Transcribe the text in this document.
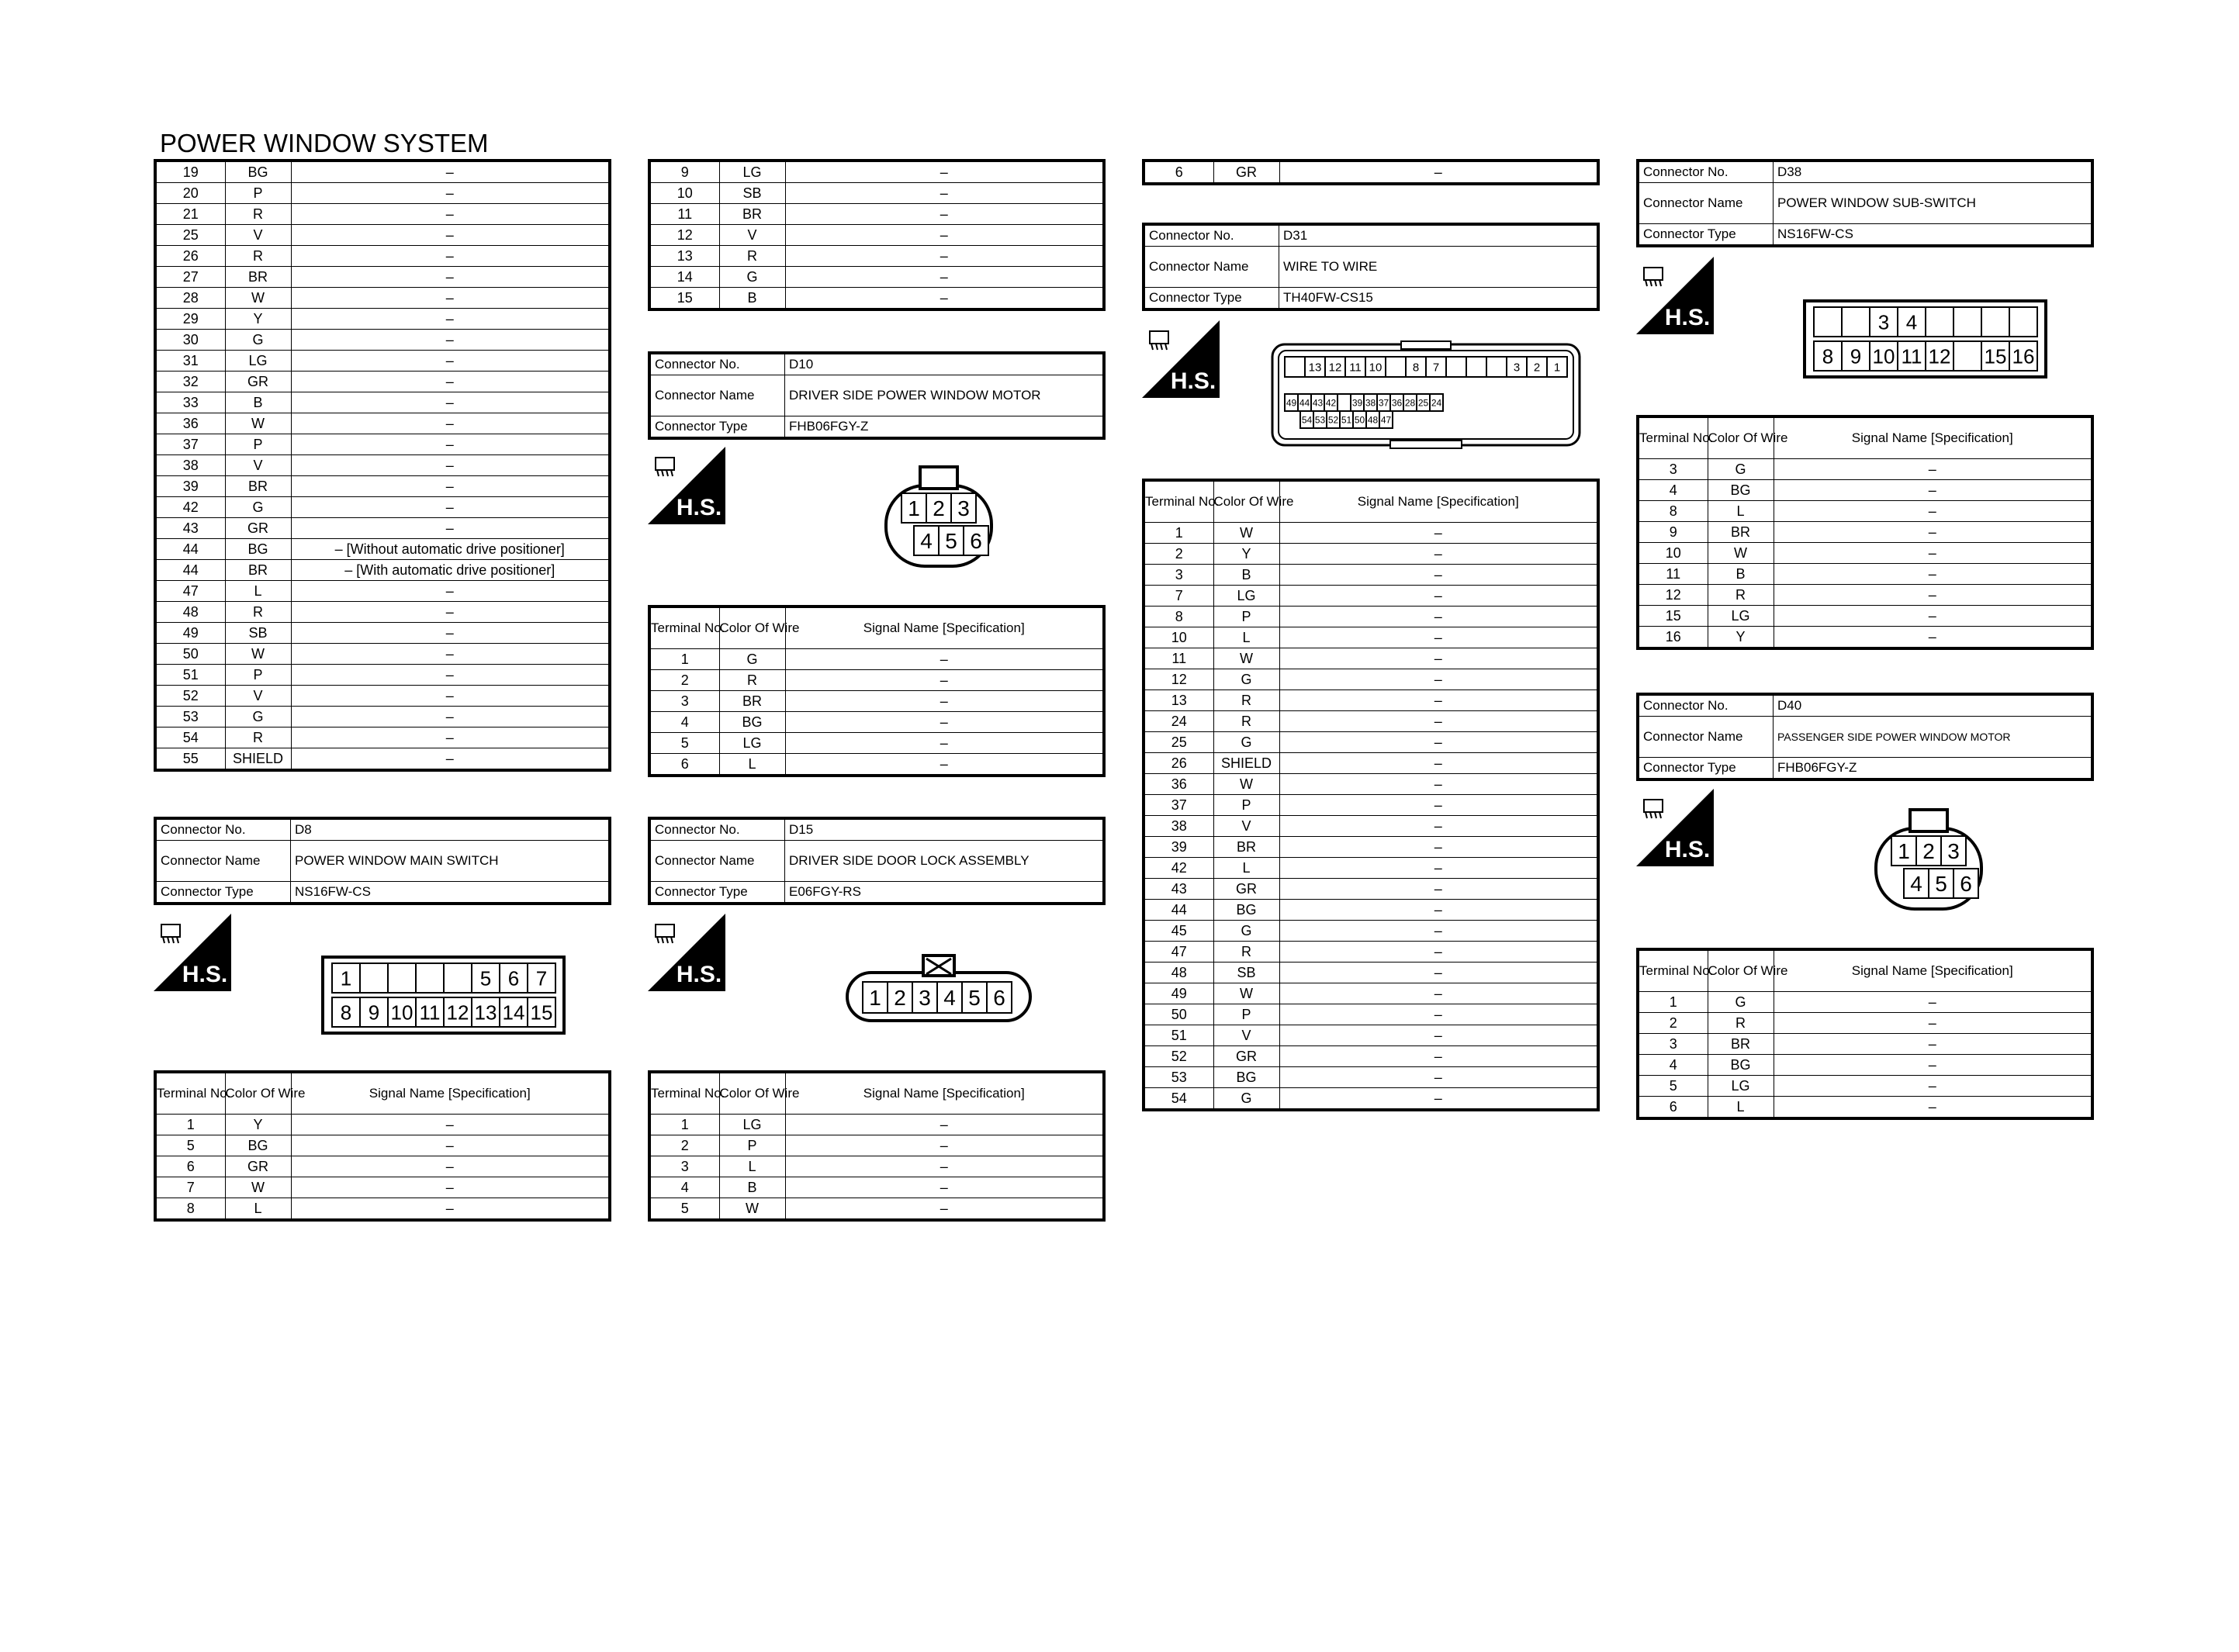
POWER WINDOW SYSTEM
19	BG	–
20	P	–
21	R	–
25	V	–
26	R	–
27	BR	–
28	W	–
29	Y	–
30	G	–
31	LG	–
32	GR	–
33	B	–
36	W	–
37	P	–
38	V	–
39	BR	–
42	G	–
43	GR	–
44	BG	– [Without automatic drive positioner]
44	BR	– [With automatic drive positioner]
47	L	–
48	R	–
49	SB	–
50	W	–
51	P	–
52	V	–
53	G	–
54	R	–
55	SHIELD	–
9	LG	–
10	SB	–
11	BR	–
12	V	–
13	R	–
14	G	–
15	B	–
6	GR	–
Connector No.	D10
Connector Name	DRIVER SIDE POWER WINDOW MOTOR
Connector Type	FHB06FGY-Z
H.S.	1 2 3
4 5 6
Terminal No.	Color Of Wire	Signal Name [Specification]
1	G	–
2	R	–
3	BR	–
4	BG	–
5	LG	–
6	L	–
Connector No.	D8
Connector Name	POWER WINDOW MAIN SWITCH
Connector Type	NS16FW-CS
H.S.	1	5 6 7
8 9 10 11 12 13 14 15
Terminal No.	Color Of Wire	Signal Name [Specification]
1	Y	–
5	BG	–
6	GR	–
7	W	–
8	L	–
Connector No.	D15
Connector Name	DRIVER SIDE DOOR LOCK ASSEMBLY
Connector Type	E06FGY-RS
H.S.
1 2 3 4 5 6
Terminal No.	Color Of Wire	Signal Name [Specification]
1	LG	–
2	P	–
3	L	–
4	B	–
5	W	–
Connector No.	D31
Connector Name	WIRE TO WIRE
Connector Type	TH40FW-CS15
H.S.
13 12 11 10	8 7	3 2 1
49 44 43 42 39 38 37 36 28 25 24
54 53 52 51 50 48 47
Terminal No.	Color Of Wire	Signal Name [Specification]
1	W	–
2	Y	–
3	B	–
7	LG	–
8	P	–
10	L	–
11	W	–
12	G	–
13	R	–
24	R	–
25	G	–
26	SHIELD	–
36	W	–
37	P	–
38	V	–
39	BR	–
42	L	–
43	GR	–
44	BG	–
45	G	–
47	R	–
48	SB	–
49	W	–
50	P	–
51	V	–
52	GR	–
53	BG	–
54	G	–
Connector No.	D38
Connector Name	POWER WINDOW SUB-SWITCH
Connector Type	NS16FW-CS
H.S.	3 4
8 9 10 11 12 15 16
Terminal No.	Color Of Wire	Signal Name [Specification]
3	G	–
4	BG	–
8	L	–
9	BR	–
10	W	–
11	B	–
12	R	–
15	LG	–
16	Y	–
Connector No.	D40
Connector Name	PASSENGER SIDE POWER WINDOW MOTOR
Connector Type	FHB06FGY-Z
H.S.	1 2 3
4 5 6
Terminal No.	Color Of Wire	Signal Name [Specification]
1	G	–
2	R	–
3	BR	–
4	BG	–
5	LG	–
6	L	–
